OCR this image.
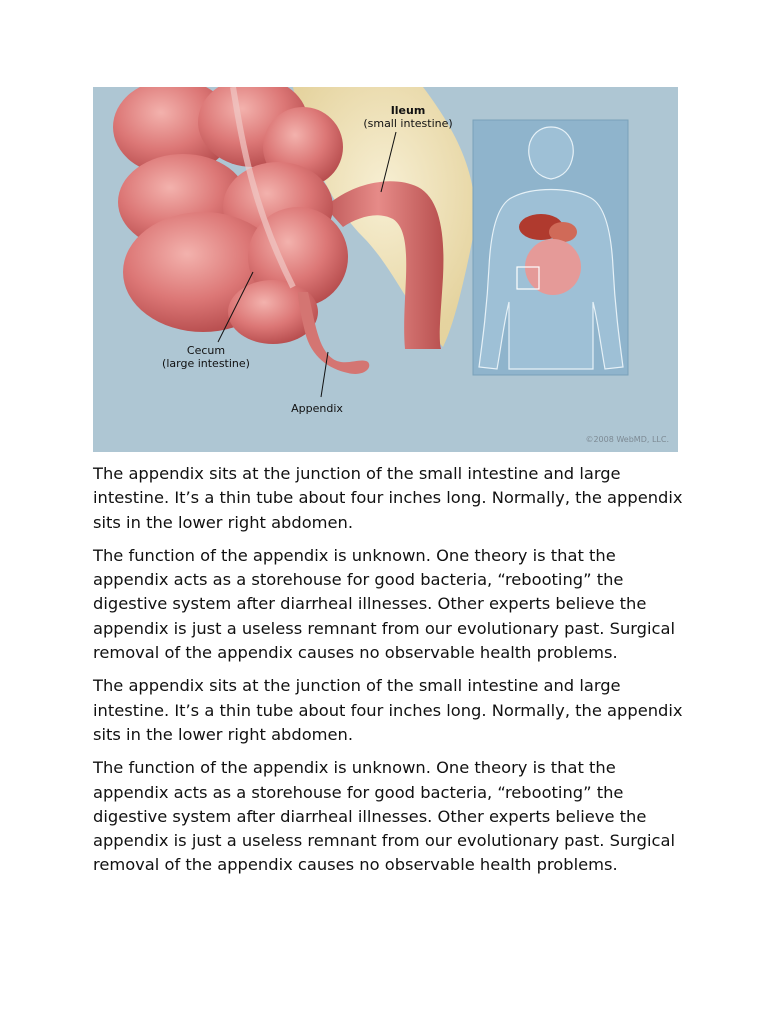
Ileum
(small intestine)
Cecum
(large intestine)
Appendix
©2008 WebMD, LLC.

The appendix sits at the junction of the small intestine and large intestine. It’s a thin tube about four inches long. Normally, the appendix sits in the lower right abdomen.

The function of the appendix is unknown. One theory is that the appendix acts as a storehouse for good bacteria, “rebooting” the digestive system after diarrheal illnesses. Other experts believe the appendix is just a useless remnant from our evolutionary past. Surgical removal of the appendix causes no observable health problems.

The appendix sits at the junction of the small intestine and large intestine. It’s a thin tube about four inches long. Normally, the appendix sits in the lower right abdomen.

The function of the appendix is unknown. One theory is that the appendix acts as a storehouse for good bacteria, “rebooting” the digestive system after diarrheal illnesses. Other experts believe the appendix is just a useless remnant from our evolutionary past. Surgical removal of the appendix causes no observable health problems.
